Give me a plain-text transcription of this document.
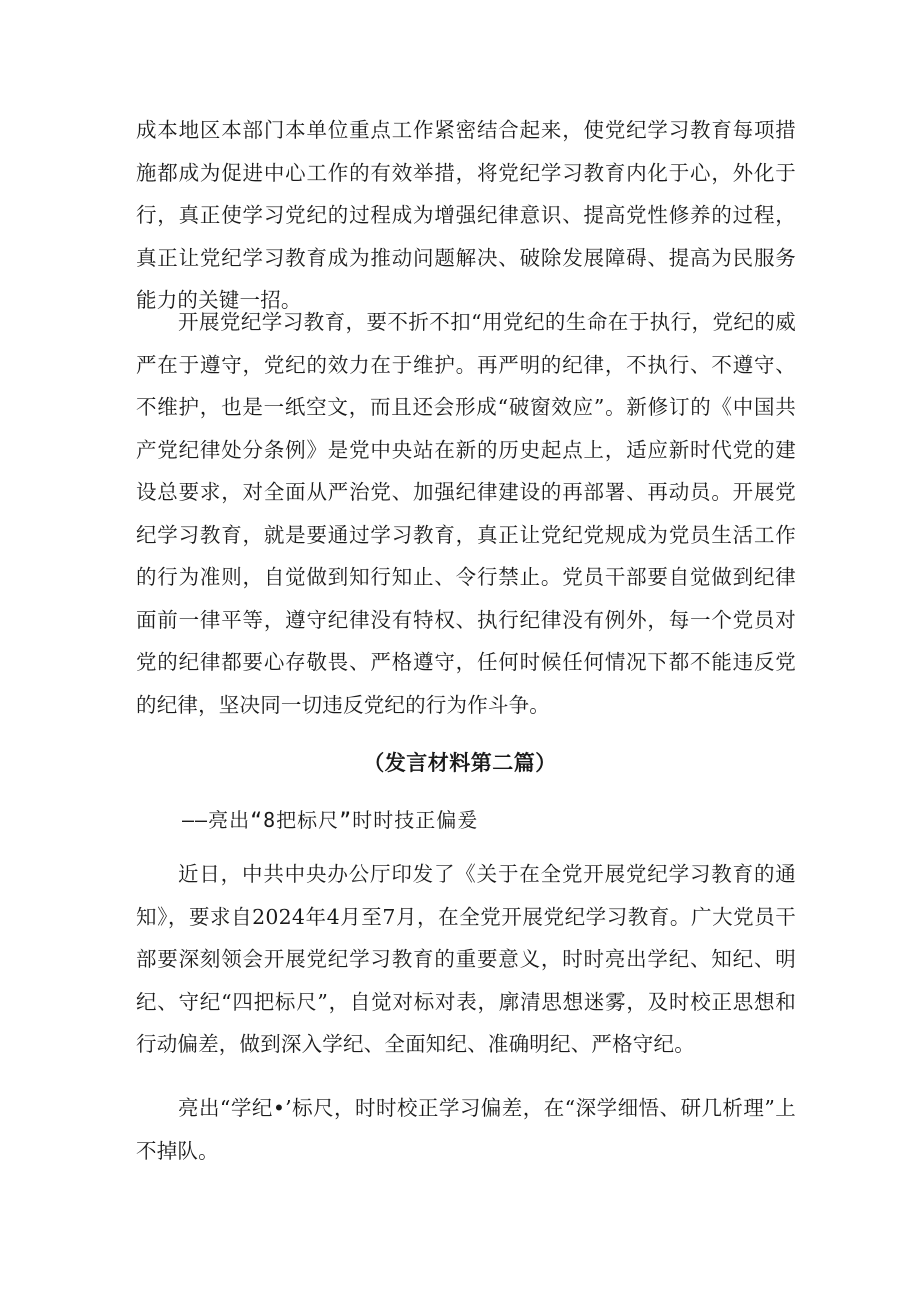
成本地区本部门本单位重点工作紧密结合起来，使党纪学习教育每项措施都成为促进中心工作的有效举措，将党纪学习教育内化于心，外化于行，真正使学习党纪的过程成为增强纪律意识、提高党性修养的过程，真正让党纪学习教育成为推动问题解决、破除发展障碍、提高为民服务能力的关键一招。

开展党纪学习教育，要不折不扣“用党纪的生命在于执行，党纪的威严在于遵守，党纪的效力在于维护。再严明的纪律，不执行、不遵守、不维护，也是一纸空文，而且还会形成“破窗效应”。新修订的《中国共产党纪律处分条例》是党中央站在新的历史起点上，适应新时代党的建设总要求，对全面从严治党、加强纪律建设的再部署、再动员。开展党纪学习教育，就是要通过学习教育，真正让党纪党规成为党员生活工作的行为准则，自觉做到知行知止、令行禁止。党员干部要自觉做到纪律面前一律平等，遵守纪律没有特权、执行纪律没有例外，每一个党员对党的纪律都要心存敬畏、严格遵守，任何时候任何情况下都不能违反党的纪律，坚决同一切违反党纪的行为作斗争。

（发言材料第二篇）
——亮出“8把标尺”时时技正偏爰

近日，中共中央办公厅印发了《关于在全党开展党纪学习教育的通知》，要求自2024年4月至7月，在全党开展党纪学习教育。广大党员干部要深刻领会开展党纪学习教育的重要意义，时时亮出学纪、知纪、明纪、守纪“四把标尺”，自觉对标对表，廓清思想迷雾，及时校正思想和行动偏差，做到深入学纪、全面知纪、准确明纪、严格守纪。

亮出“学纪•’标尺，时时校正学习偏差，在“深学细悟、研几析理”上不掉队。
